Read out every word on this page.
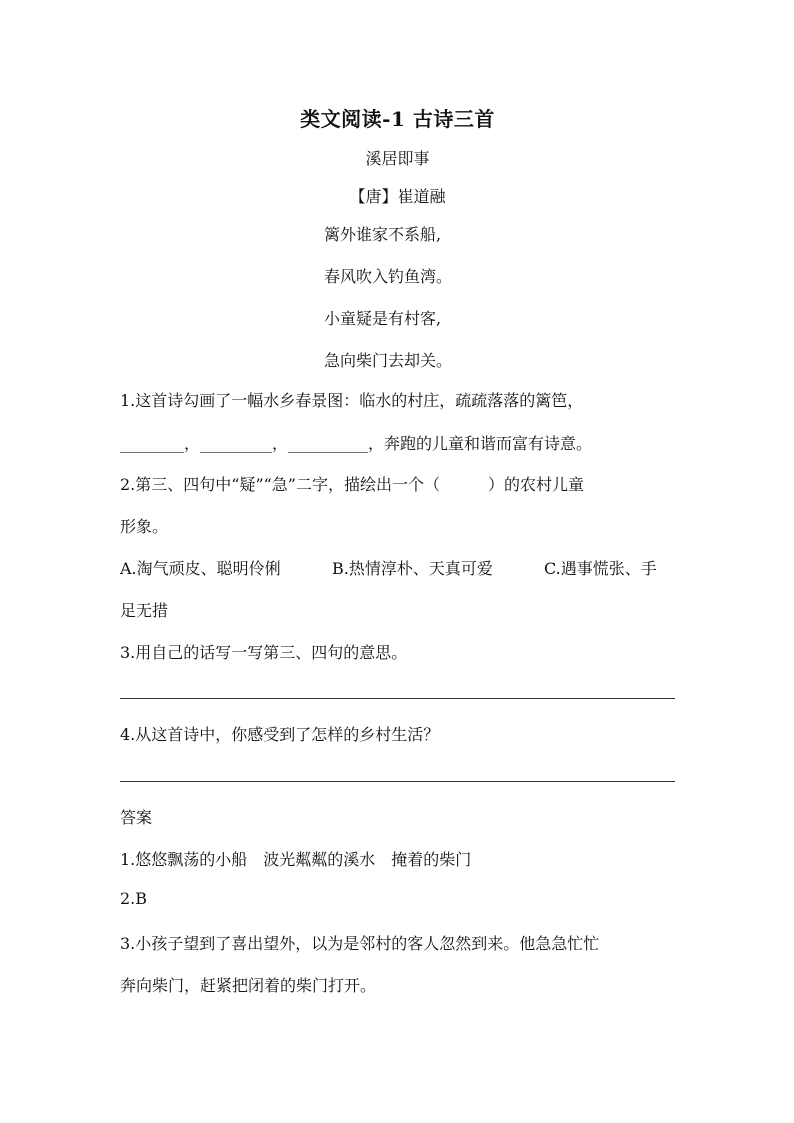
类文阅读-1 古诗三首
溪居即事
【唐】崔道融
篱外谁家不系船,
春风吹入钓鱼湾。
小童疑是有村客,
急向柴门去却关。
1.这首诗勾画了一幅水乡春景图：临水的村庄，疏疏落落的篱笆，
________，_________，__________，奔跑的儿童和谐而富有诗意。
2.第三、四句中“疑”“急”二字，描绘出一个（　　　）的农村儿童
形象。
A.淘气顽皮、聪明伶俐	B.热情淳朴、天真可爱	C.遇事慌张、手
足无措
3.用自己的话写一写第三、四句的意思。
4.从这首诗中，你感受到了怎样的乡村生活？
答案
1.悠悠飘荡的小船　波光粼粼的溪水　掩着的柴门
2.B
3.小孩子望到了喜出望外，以为是邻村的客人忽然到来。他急急忙忙
奔向柴门，赶紧把闭着的柴门打开。
